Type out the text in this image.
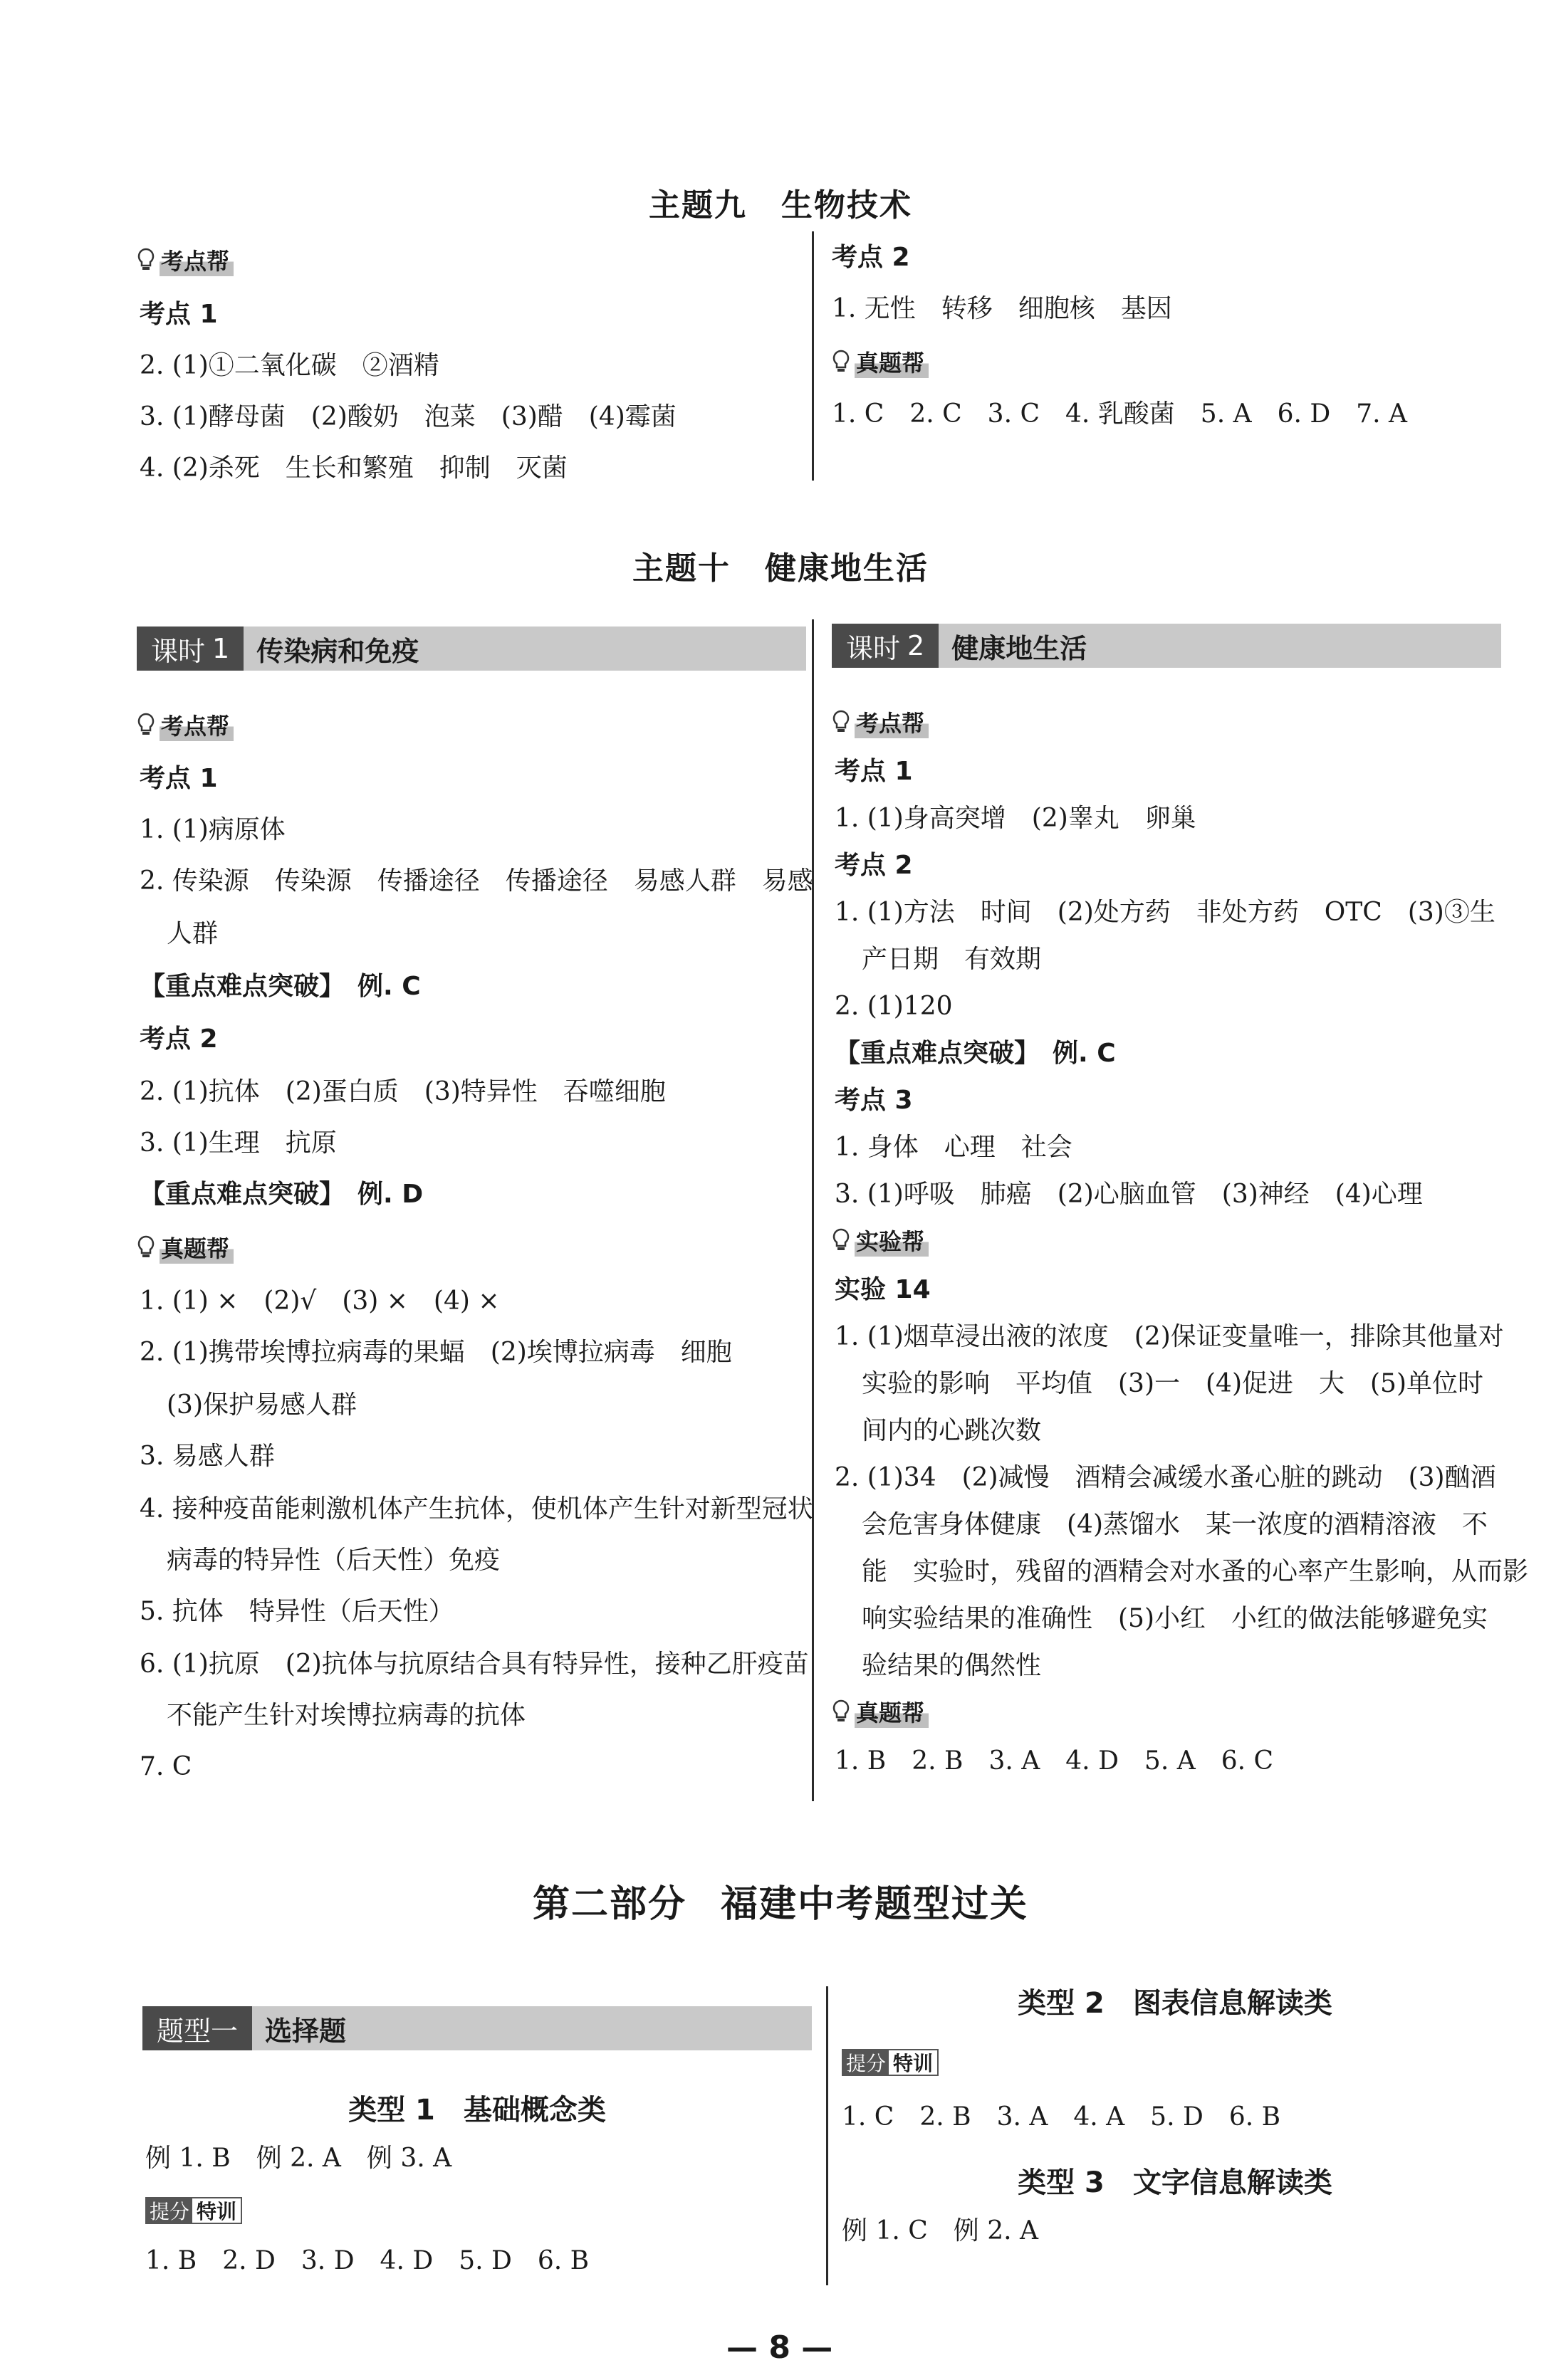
主题九 生物技术
考点帮
考点 1
2. (1)①二氧化碳　②酒精
3. (1)酵母菌　(2)酸奶　泡菜　(3)醋　(4)霉菌
4. (2)杀死　生长和繁殖　抑制　灭菌
考点 2
1. 无性　转移　细胞核　基因
真题帮
1. C　2. C　3. C　4. 乳酸菌　5. A　6. D　7. A
主题十 健康地生活
课时 1 传染病和免疫	课时 2 健康地生活
考点帮
考点 1
1. (1)病原体
2. 传染源　传染源　传播途径　传播途径　易感人群　易感
人群
【重点难点突破】　例. C
考点 2
2. (1)抗体　(2)蛋白质　(3)特异性　吞噬细胞
3. (1)生理　抗原
【重点难点突破】　例. D
真题帮
1. (1) ×　(2)√　(3) ×　(4) ×
2. (1)携带埃博拉病毒的果蝠　(2)埃博拉病毒　细胞
(3)保护易感人群
3. 易感人群
4. 接种疫苗能刺激机体产生抗体，使机体产生针对新型冠状
病毒的特异性（后天性）免疫
5. 抗体　特异性（后天性）
6. (1)抗原　(2)抗体与抗原结合具有特异性，接种乙肝疫苗
不能产生针对埃博拉病毒的抗体
7. C
考点帮
考点 1
1. (1)身高突增　(2)睾丸　卵巢
考点 2
1. (1)方法　时间　(2)处方药　非处方药　OTC　(3)③生
产日期　有效期
2. (1)120
【重点难点突破】　例. C
考点 3
1. 身体　心理　社会
3. (1)呼吸　肺癌　(2)心脑血管　(3)神经　(4)心理
实验帮
实验 14
1. (1)烟草浸出液的浓度　(2)保证变量唯一，排除其他量对
实验的影响　平均值　(3)一　(4)促进　大　(5)单位时
间内的心跳次数
2. (1)34　(2)减慢　酒精会减缓水蚤心脏的跳动　(3)酗酒
会危害身体健康　(4)蒸馏水　某一浓度的酒精溶液　不
能　实验时，残留的酒精会对水蚤的心率产生影响，从而影
响实验结果的准确性　(5)小红　小红的做法能够避免实
验结果的偶然性
真题帮
1. B　2. B　3. A　4. D　5. A　6. C
第二部分 福建中考题型过关
题型一	选择题
类型 1　基础概念类
例 1. B　例 2. A　例 3. A
提分 特训
1. B　2. D　3. D　4. D　5. D　6. B
类型 2　图表信息解读类
提分 特训
1. C　2. B　3. A　4. A　5. D　6. B
类型 3　文字信息解读类
例 1. C　例 2. A
— 8 —
